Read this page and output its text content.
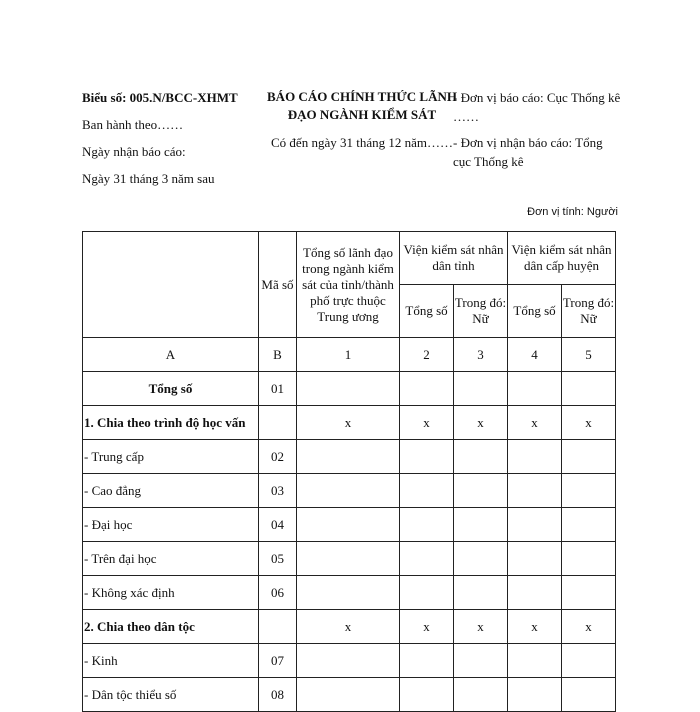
Biểu số: 005.N/BCC-XHMT
Ban hành theo……
Ngày nhận báo cáo:
Ngày 31 tháng 3 năm sau
BÁO CÁO CHÍNH THỨC LÃNH ĐẠO NGÀNH KIỂM SÁT
Có đến ngày 31 tháng 12 năm……
- Đơn vị báo cáo: Cục Thống kê ……
- Đơn vị nhận báo cáo: Tổng cục Thống kê
Đơn vị tính: Người
	Mã số	Tổng số lãnh đạo trong ngành kiểm sát của tỉnh/thành phố trực thuộc Trung ương	Viện kiểm sát nhân dân tỉnh		Viện kiểm sát nhân dân cấp huyện	
			Tổng số	Trong đó: Nữ	Tổng số	Trong đó: Nữ
A	B	1	2	3	4	5
Tổng số	01					
1. Chia theo trình độ học vấn		x	x	x	x	x
- Trung cấp	02					
- Cao đẳng	03					
- Đại học	04					
- Trên đại học	05					
- Không xác định	06					
2. Chia theo dân tộc		x	x	x	x	x
- Kinh	07					
- Dân tộc thiểu số	08					
